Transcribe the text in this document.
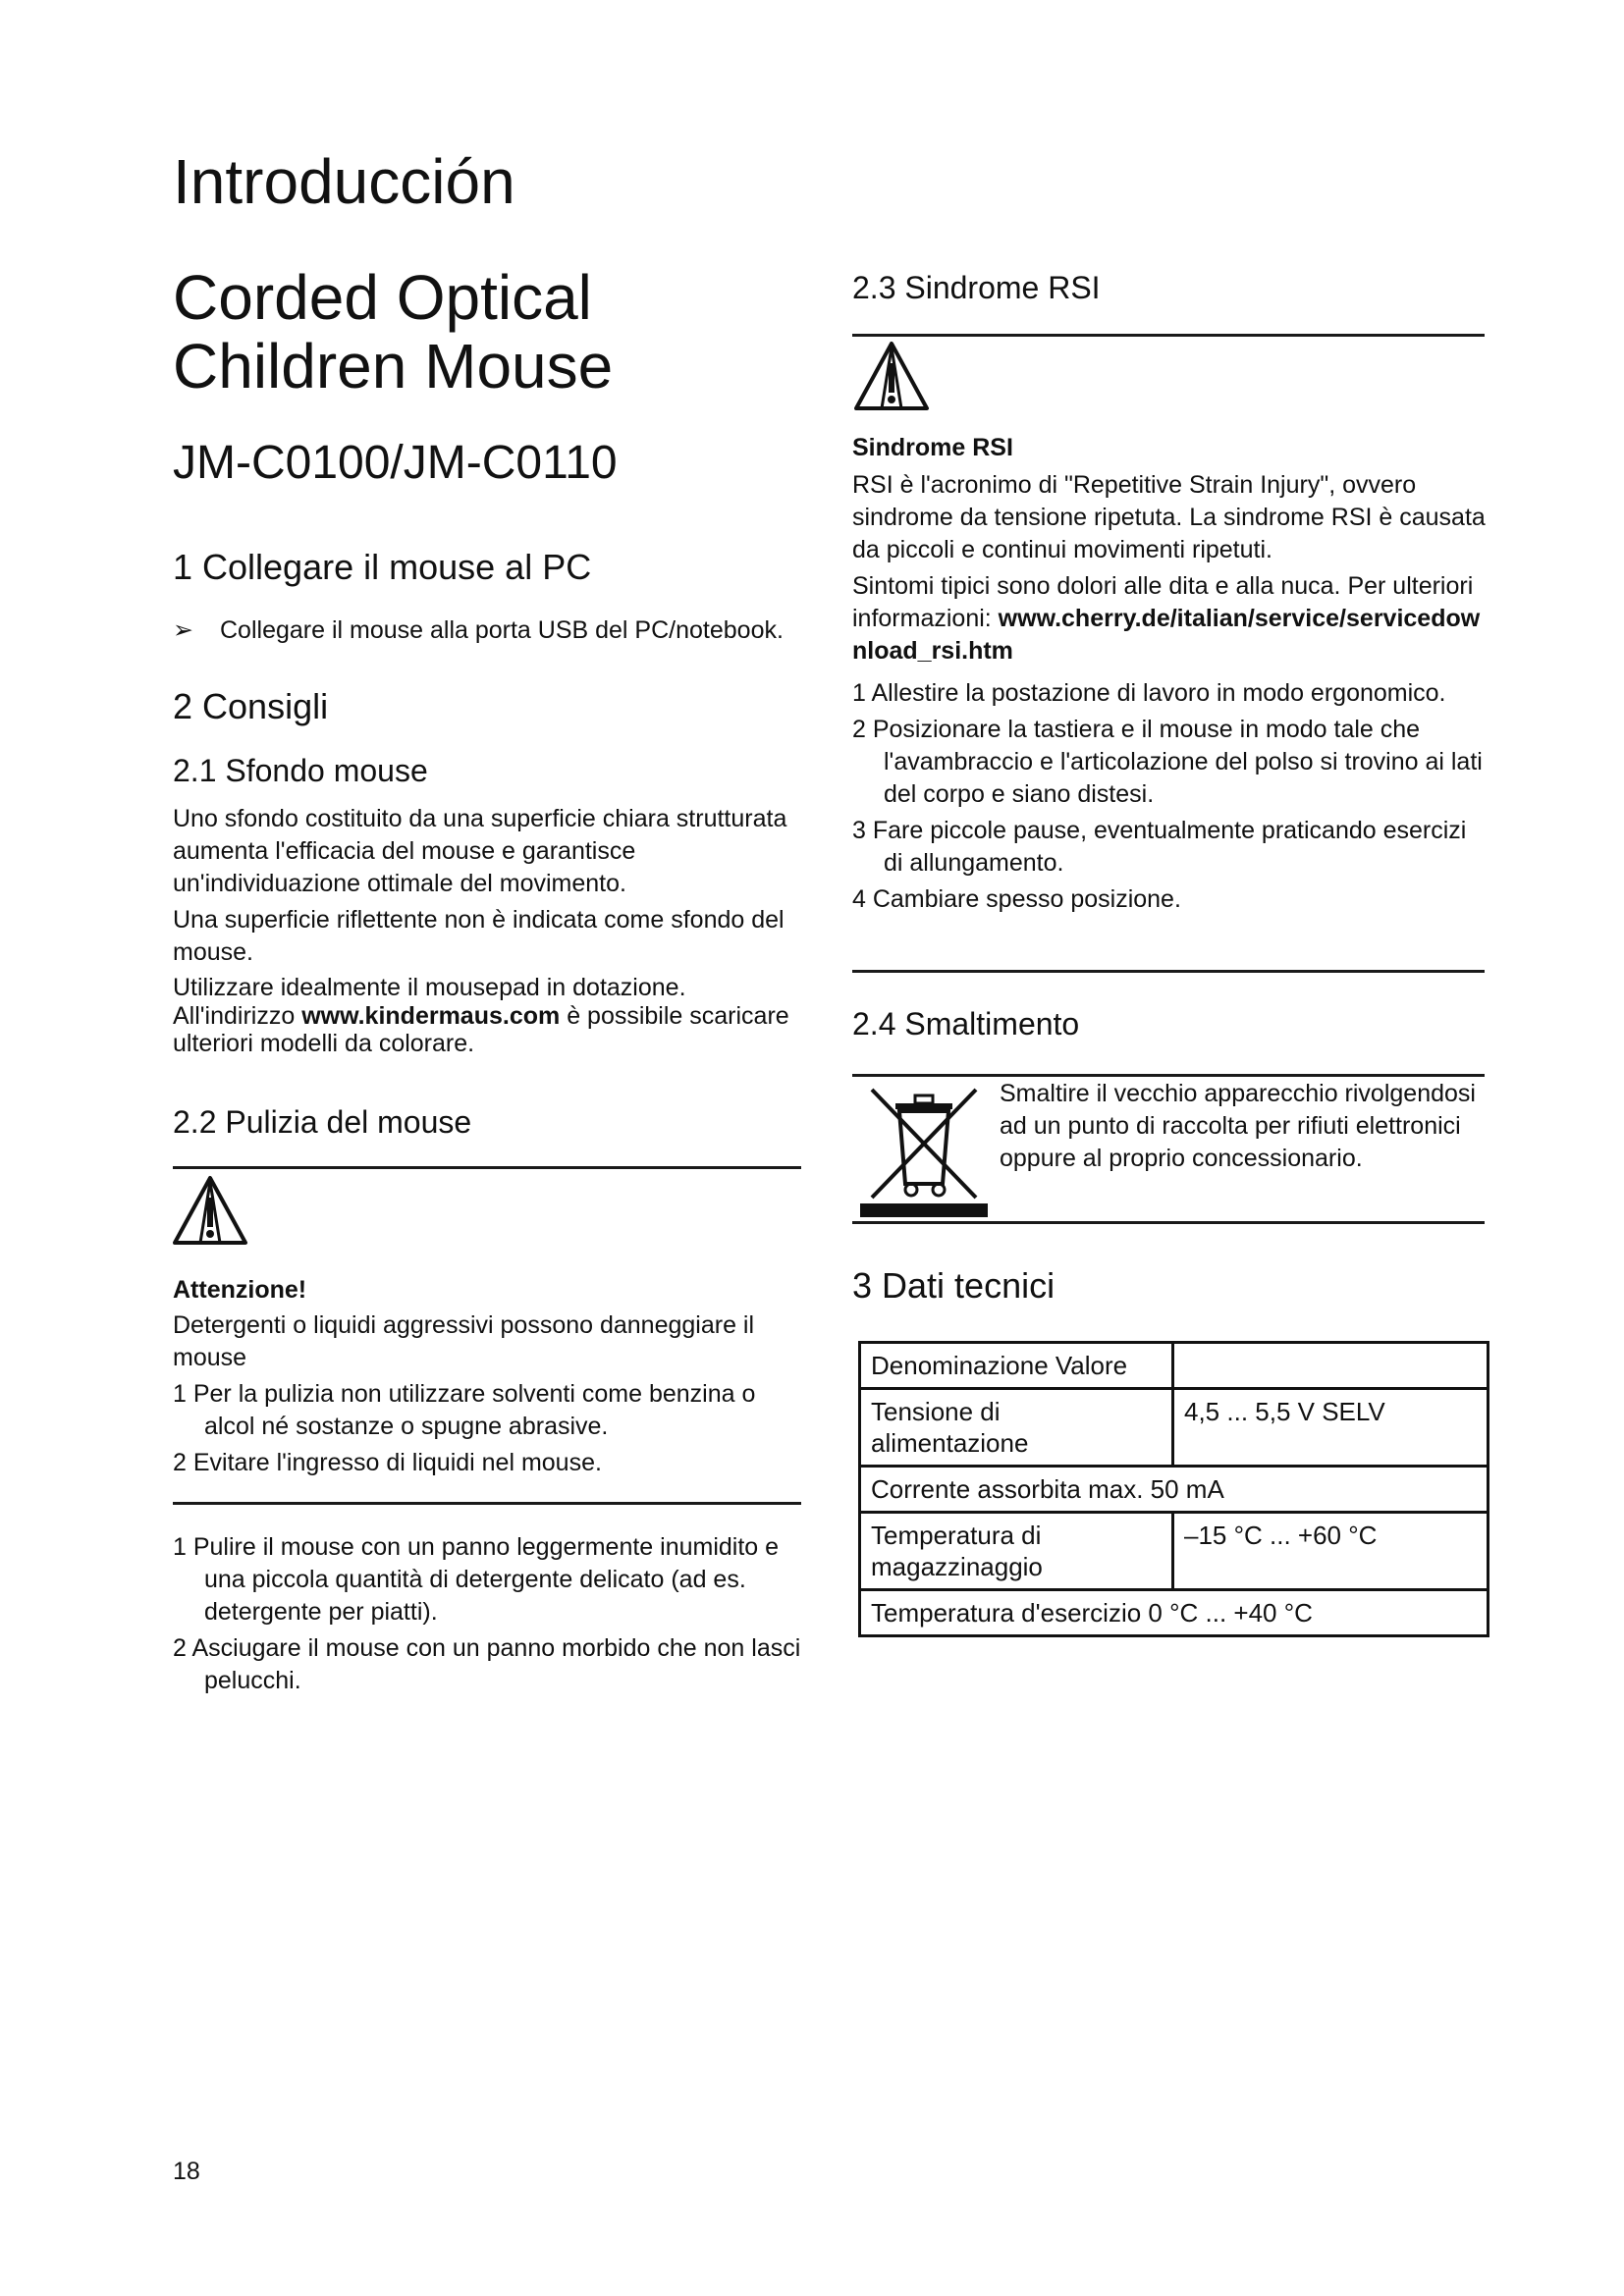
Introducción
Corded Optical Children Mouse
JM-C0100/JM-C0110
1 Collegare il mouse al PC
➢ Collegare il mouse alla porta USB del PC/notebook.
2 Consigli
2.1 Sfondo mouse

Uno sfondo costituito da una superficie chiara strutturata aumenta l'efficacia del mouse e garantisce un'individuazione ottimale del movimento.

Una superficie riflettente non è indicata come sfondo del mouse.

Utilizzare idealmente il mousepad in dotazione.

All'indirizzo www.kindermaus.com è possibile scaricare ulteriori modelli da colorare.

2.2 Pulizia del mouse
Attenzione!
Detergenti o liquidi aggressivi possono danneggiare il mouse
1 Per la pulizia non utilizzare solventi come benzina o alcol né sostanze o spugne abrasive.
2 Evitare l'ingresso di liquidi nel mouse.
1 Pulire il mouse con un panno leggermente inumidito e una piccola quantità di detergente delicato (ad es. detergente per piatti).
2 Asciugare il mouse con un panno morbido che non lasci pelucchi.
18
2.3 Sindrome RSI
Sindrome RSI

RSI è l'acronimo di "Repetitive Strain Injury", ovvero sindrome da tensione ripetuta. La sindrome RSI è causata da piccoli e continui movimenti ripetuti.

Sintomi tipici sono dolori alle dita e alla nuca. Per ulteriori informazioni: www.cherry.de/italian/service/servicedownload_rsi.htm

1 Allestire la postazione di lavoro in modo ergonomico.
2 Posizionare la tastiera e il mouse in modo tale che l'avambraccio e l'articolazione del polso si trovino ai lati del corpo e siano distesi.
3 Fare piccole pause, eventualmente praticando esercizi di allungamento.
4 Cambiare spesso posizione.
2.4 Smaltimento
Smaltire il vecchio apparecchio rivolgendosi ad un punto di raccolta per rifiuti elettronici oppure al proprio concessionario.
3 Dati tecnici
Denominazione Valore	
Tensione di alimentazione	4,5 ... 5,5 V SELV
Corrente assorbita max. 50 mA	
Temperatura di magazzinaggio	–15 °C ... +60 °C
Temperatura d'esercizio 0 °C ... +40 °C	
